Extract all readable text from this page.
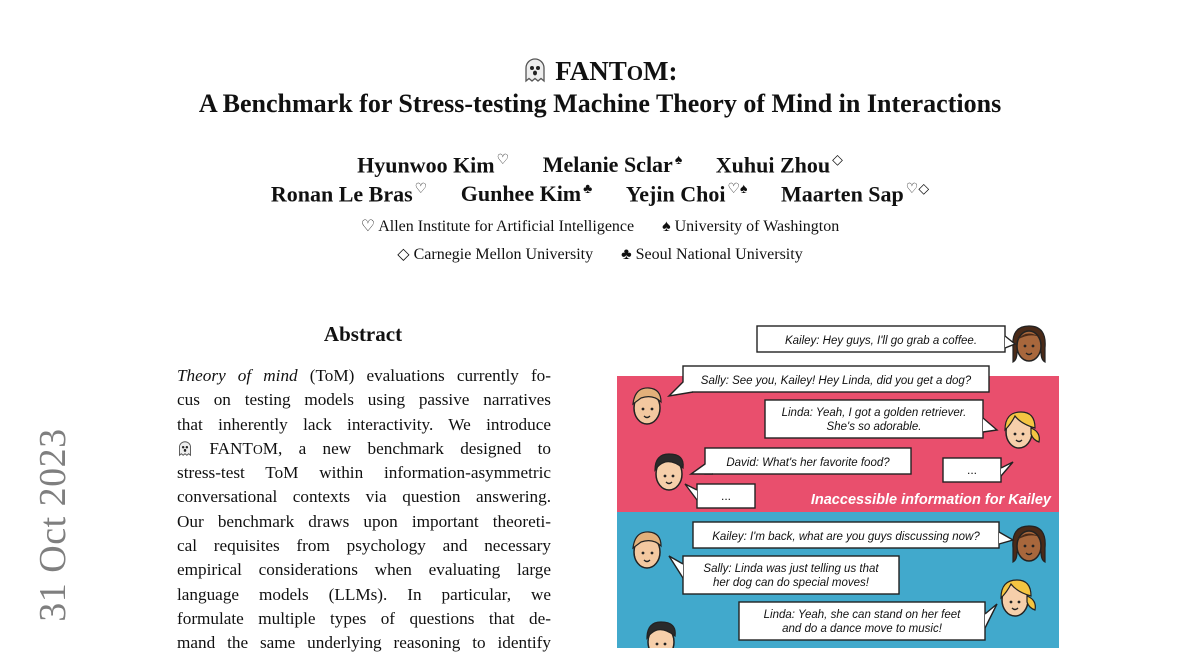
31 Oct 2023
FANTOM:
A Benchmark for Stress-testing Machine Theory of Mind in Interactions
Hyunwoo Kim ♡ Melanie Sclar ♠ Xuhui Zhou ◇
Ronan Le Bras ♡ Gunhee Kim ♣ Yejin Choi ♡♠ Maarten Sap ♡◇
♡ Allen Institute for Artificial Intelligence ♠ University of Washington
◇ Carnegie Mellon University ♣ Seoul National University
Abstract
Theory of mind (ToM) evaluations currently fo-
cus on testing models using passive narratives
that inherently lack interactivity. We introduce
FANTOM, a new benchmark designed to
stress-test ToM within information-asymmetric
conversational contexts via question answering.
Our benchmark draws upon important theoreti-
cal requisites from psychology and necessary
empirical considerations when evaluating large
language models (LLMs). In particular, we
formulate multiple types of questions that de-
mand the same underlying reasoning to identify
Kailey: Hey guys, I'll go grab a coffee.
Sally: See you, Kailey! Hey Linda, did you get a dog?
Linda: Yeah, I got a golden retriever.
She's so adorable.
David: What's her favorite food?	...
...	Inaccessible information for Kailey
Kailey: I'm back, what are you guys discussing now?
Sally: Linda was just telling us that
her dog can do special moves!
Linda: Yeah, she can stand on her feet
and do a dance move to music!
